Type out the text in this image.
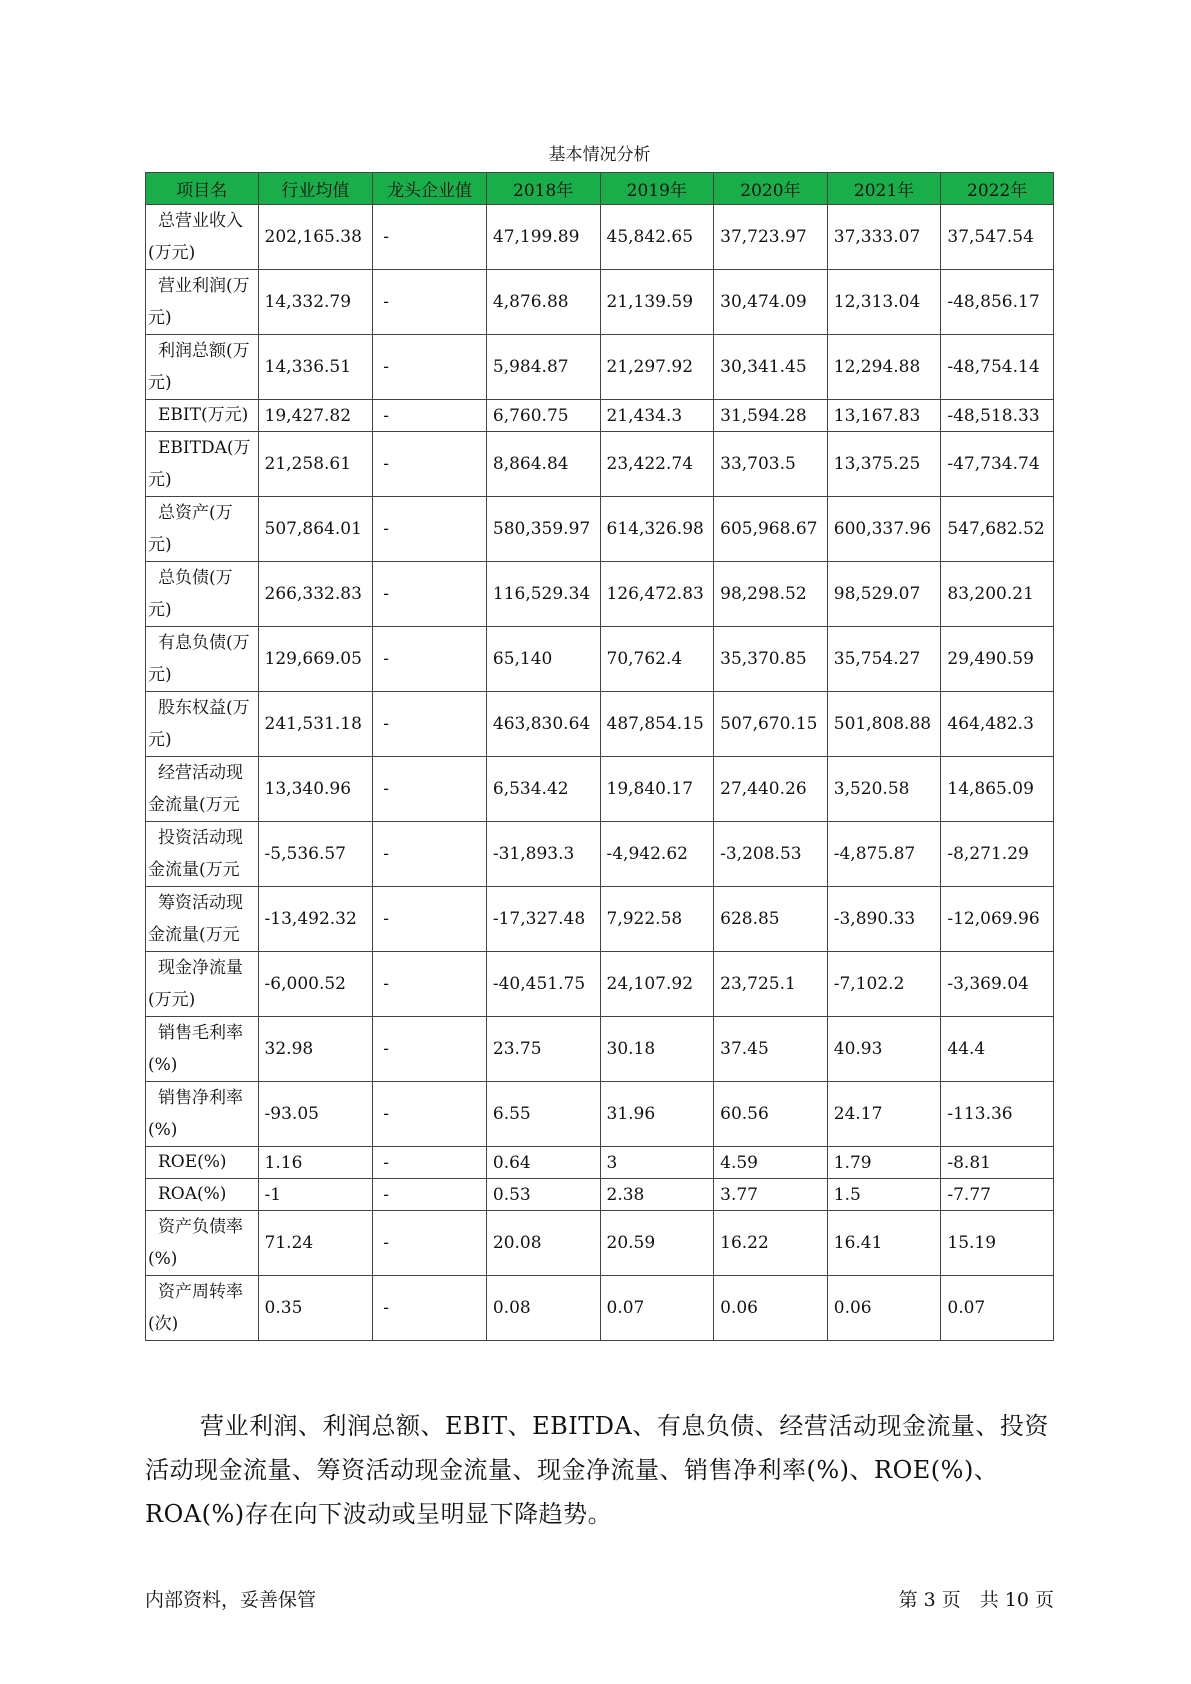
基本情况分析
项目名	行业均值	龙头企业值	2018年	2019年	2020年	2021年	2022年
总营业收入(万元)	202,165.38	-	47,199.89	45,842.65	37,723.97	37,333.07	37,547.54
营业利润(万元)	14,332.79	-	4,876.88	21,139.59	30,474.09	12,313.04	-48,856.17
利润总额(万元)	14,336.51	-	5,984.87	21,297.92	30,341.45	12,294.88	-48,754.14
EBIT(万元)	19,427.82	-	6,760.75	21,434.3	31,594.28	13,167.83	-48,518.33
EBITDA(万元)	21,258.61	-	8,864.84	23,422.74	33,703.5	13,375.25	-47,734.74
总资产(万元)	507,864.01	-	580,359.97	614,326.98	605,968.67	600,337.96	547,682.52
总负债(万元)	266,332.83	-	116,529.34	126,472.83	98,298.52	98,529.07	83,200.21
有息负债(万元)	129,669.05	-	65,140	70,762.4	35,370.85	35,754.27	29,490.59
股东权益(万元)	241,531.18	-	463,830.64	487,854.15	507,670.15	501,808.88	464,482.3
经营活动现金流量(万元	13,340.96	-	6,534.42	19,840.17	27,440.26	3,520.58	14,865.09
投资活动现金流量(万元	-5,536.57	-	-31,893.3	-4,942.62	-3,208.53	-4,875.87	-8,271.29
筹资活动现金流量(万元	-13,492.32	-	-17,327.48	7,922.58	628.85	-3,890.33	-12,069.96
现金净流量(万元)	-6,000.52	-	-40,451.75	24,107.92	23,725.1	-7,102.2	-3,369.04
销售毛利率(%)	32.98	-	23.75	30.18	37.45	40.93	44.4
销售净利率(%)	-93.05	-	6.55	31.96	60.56	24.17	-113.36
ROE(%)	1.16	-	0.64	3	4.59	1.79	-8.81
ROA(%)	-1	-	0.53	2.38	3.77	1.5	-7.77
资产负债率(%)	71.24	-	20.08	20.59	16.22	16.41	15.19
资产周转率(次)	0.35	-	0.08	0.07	0.06	0.06	0.07
营业利润、利润总额、EBIT、EBITDA、有息负债、经营活动现金流量、投资活动现金流量、筹资活动现金流量、现金净流量、销售净利率(%)、ROE(%)、ROA(%)存在向下波动或呈明显下降趋势。
内部资料，妥善保管	第 3 页　共 10 页
